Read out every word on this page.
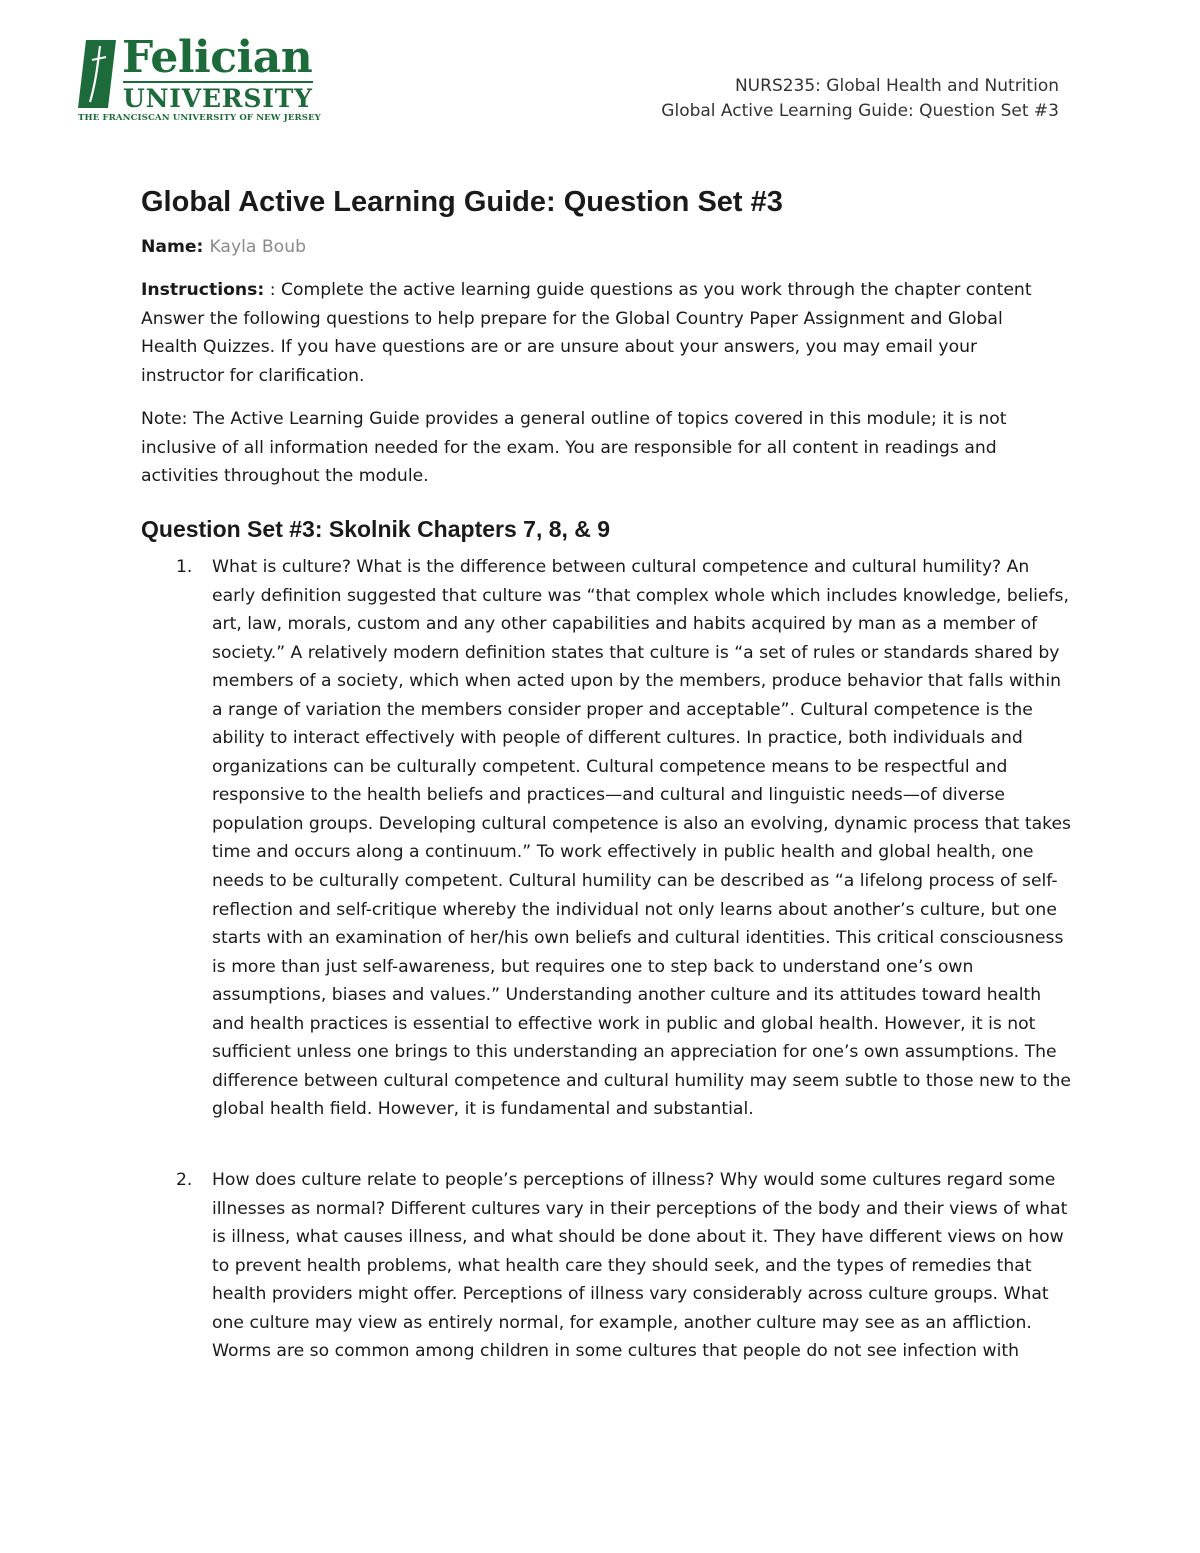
Felician
UNIVERSITY
THE FRANCISCAN UNIVERSITY OF NEW JERSEY
NURS235: Global Health and Nutrition
Global Active Learning Guide: Question Set #3
Global Active Learning Guide: Question Set #3
Name: Kayla Boub
Instructions: : Complete the active learning guide questions as you work through the chapter content Answer the following questions to help prepare for the Global Country Paper Assignment and Global Health Quizzes. If you have questions are or are unsure about your answers, you may email your instructor for clarification.
Note: The Active Learning Guide provides a general outline of topics covered in this module; it is not inclusive of all information needed for the exam. You are responsible for all content in readings and activities throughout the module.
Question Set #3: Skolnik Chapters 7, 8, & 9
1. What is culture? What is the difference between cultural competence and cultural humility? An early definition suggested that culture was “that complex whole which includes knowledge, beliefs, art, law, morals, custom and any other capabilities and habits acquired by man as a member of society.” A relatively modern definition states that culture is “a set of rules or standards shared by members of a society, which when acted upon by the members, produce behavior that falls within a range of variation the members consider proper and acceptable”. Cultural competence is the ability to interact effectively with people of different cultures. In practice, both individuals and organizations can be culturally competent. Cultural competence means to be respectful and responsive to the health beliefs and practices—and cultural and linguistic needs—of diverse population groups. Developing cultural competence is also an evolving, dynamic process that takes time and occurs along a continuum.” To work effectively in public health and global health, one needs to be culturally competent. Cultural humility can be described as “a lifelong process of self-reflection and self-critique whereby the individual not only learns about another’s culture, but one starts with an examination of her/his own beliefs and cultural identities. This critical consciousness is more than just self-awareness, but requires one to step back to understand one’s own assumptions, biases and values.” Understanding another culture and its attitudes toward health and health practices is essential to effective work in public and global health. However, it is not sufficient unless one brings to this understanding an appreciation for one’s own assumptions. The difference between cultural competence and cultural humility may seem subtle to those new to the global health field. However, it is fundamental and substantial.
2. How does culture relate to people’s perceptions of illness? Why would some cultures regard some illnesses as normal? Different cultures vary in their perceptions of the body and their views of what is illness, what causes illness, and what should be done about it. They have different views on how to prevent health problems, what health care they should seek, and the types of remedies that health providers might offer. Perceptions of illness vary considerably across culture groups. What one culture may view as entirely normal, for example, another culture may see as an affliction. Worms are so common among children in some cultures that people do not see infection with
